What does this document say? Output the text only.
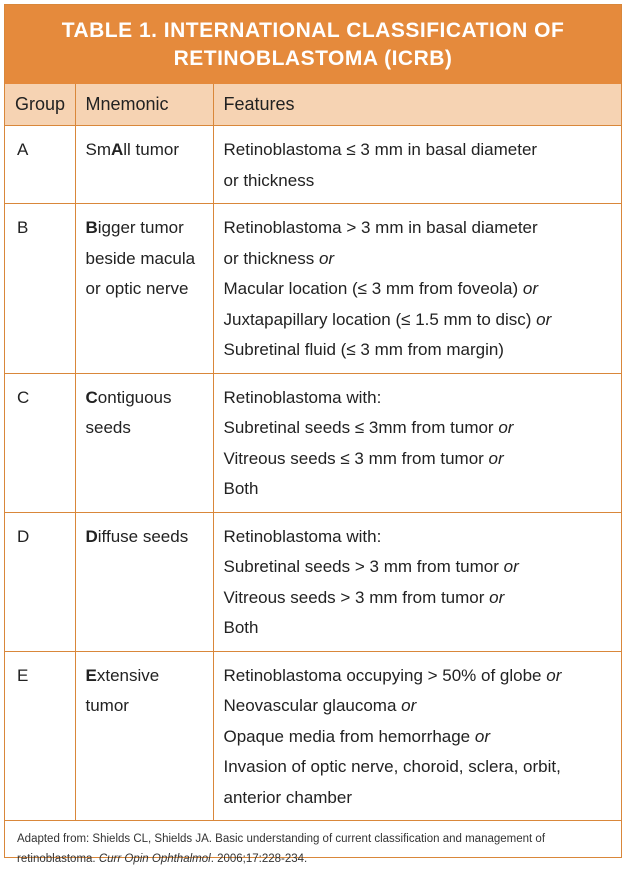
TABLE 1. INTERNATIONAL CLASSIFICATION OF
RETINOBLASTOMA (ICRB)
Group	Mnemonic	Features
A	SmAll tumor	Retinoblastoma ≤ 3 mm in basal diameter
or thickness

B	Bigger tumor
beside macula
or optic nerve	Retinoblastoma > 3 mm in basal diameter
or thickness or
Macular location (≤ 3 mm from foveola) or
Juxtapapillary location (≤ 1.5 mm to disc) or
Subretinal fluid (≤ 3 mm from margin)

C	Contiguous
seeds	Retinoblastoma with:
Subretinal seeds ≤ 3mm from tumor or
Vitreous seeds ≤ 3 mm from tumor or
Both

D	Diffuse seeds	Retinoblastoma with:
Subretinal seeds > 3 mm from tumor or
Vitreous seeds > 3 mm from tumor or
Both

E	Extensive
tumor	Retinoblastoma occupying > 50% of globe or
Neovascular glaucoma or
Opaque media from hemorrhage or
Invasion of optic nerve, choroid, sclera, orbit,
anterior chamber
Adapted from: Shields CL, Shields JA. Basic understanding of current classification and management of
retinoblastoma. Curr Opin Ophthalmol. 2006;17:228-234.
